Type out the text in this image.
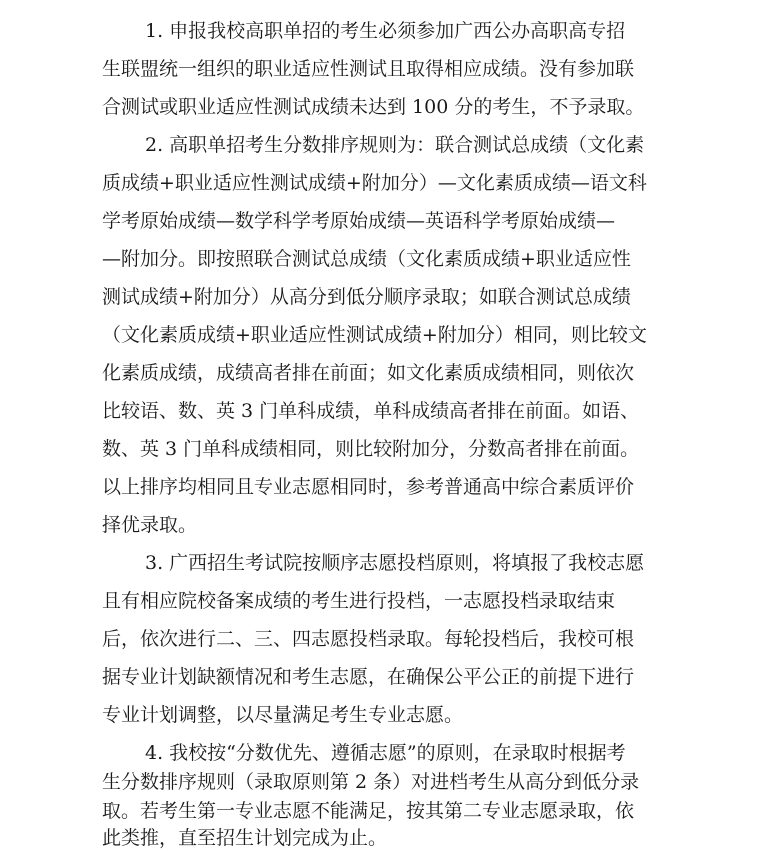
1. 申报我校高职单招的考生必须参加广西公办高职高专招
生联盟统一组织的职业适应性测试且取得相应成绩。没有参加联
合测试或职业适应性测试成绩未达到 100 分的考生，不予录取。
2. 高职单招考生分数排序规则为：联合测试总成绩（文化素
质成绩+职业适应性测试成绩+附加分）—文化素质成绩—语文科
学考原始成绩—数学科学考原始成绩—英语科学考原始成绩—
—附加分。即按照联合测试总成绩（文化素质成绩+职业适应性
测试成绩+附加分）从高分到低分顺序录取；如联合测试总成绩
（文化素质成绩+职业适应性测试成绩+附加分）相同，则比较文
化素质成绩，成绩高者排在前面；如文化素质成绩相同，则依次
比较语、数、英 3 门单科成绩，单科成绩高者排在前面。如语、
数、英 3 门单科成绩相同，则比较附加分，分数高者排在前面。
以上排序均相同且专业志愿相同时，参考普通高中综合素质评价
择优录取。
3. 广西招生考试院按顺序志愿投档原则，将填报了我校志愿
且有相应院校备案成绩的考生进行投档，一志愿投档录取结束
后，依次进行二、三、四志愿投档录取。每轮投档后，我校可根
据专业计划缺额情况和考生志愿，在确保公平公正的前提下进行
专业计划调整，以尽量满足考生专业志愿。
4. 我校按“分数优先、遵循志愿”的原则，在录取时根据考
生分数排序规则（录取原则第 2 条）对进档考生从高分到低分录
取。若考生第一专业志愿不能满足，按其第二专业志愿录取，依
此类推，直至招生计划完成为止。
